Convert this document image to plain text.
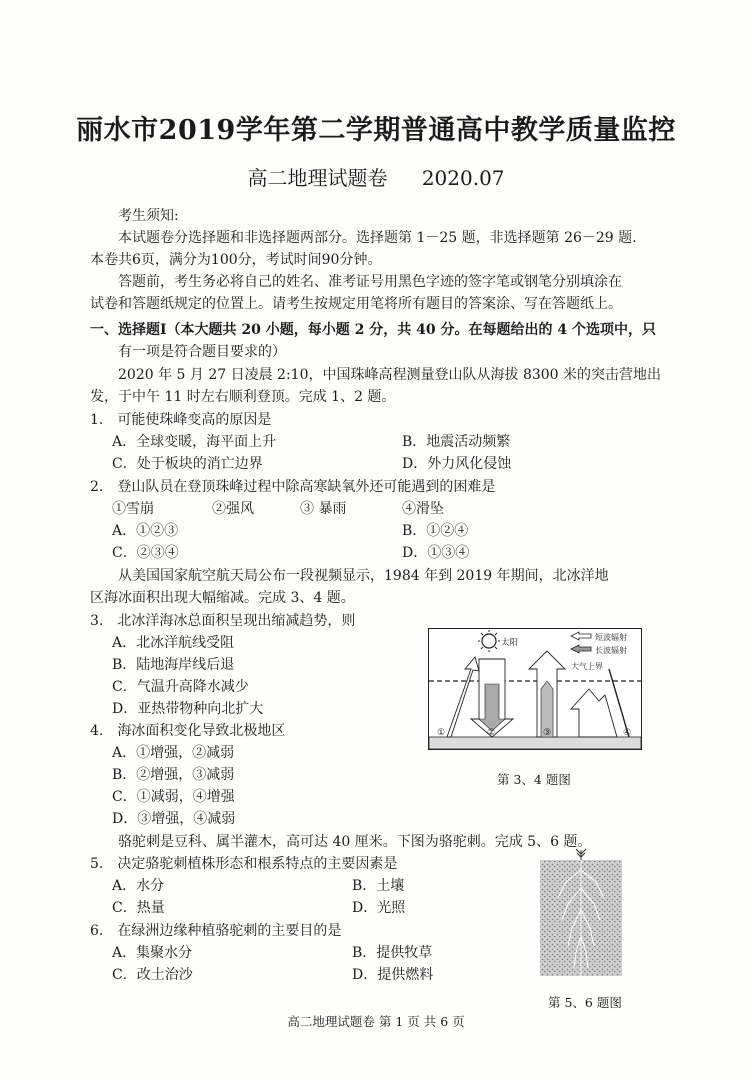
丽水市2019学年第二学期普通高中教学质量监控
高二地理试题卷 2020.07
考生须知:
本试题卷分选择题和非选择题两部分。选择题第 1－25 题，非选择题第 26－29 题.
本卷共6页，满分为100分，考试时间90分钟。
答题前，考生务必将自己的姓名、准考证号用黑色字迹的签字笔或钢笔分别填涂在
试卷和答题纸规定的位置上。请考生按规定用笔将所有题目的答案涂、写在答题纸上。
一、选择题Ⅰ（本大题共 20 小题，每小题 2 分，共 40 分。在每题给出的 4 个选项中，只
有一项是符合题目要求的）
2020 年 5 月 27 日凌晨 2:10，中国珠峰高程测量登山队从海拔 8300 米的突击营地出
发，于中午 11 时左右顺利登顶。完成 1、2 题。
1.　可能使珠峰变高的原因是
A．全球变暖，海平面上升	B．地震活动频繁
C．处于板块的消亡边界	D．外力风化侵蚀
2.　登山队员在登顶珠峰过程中除高寒缺氧外还可能遇到的困难是
①雪崩	②强风	③ 暴雨	④滑坠
A．①②③	B．①②④
C．②③④	D．①③④
从美国国家航空航天局公布一段视频显示，1984 年到 2019 年期间，北冰洋地
区海冰面积出现大幅缩减。完成 3、4 题。
3.　北冰洋海冰总面积呈现出缩减趋势，则
A．北冰洋航线受阻
B．陆地海岸线后退
C．气温升高降水减少
D．亚热带物种向北扩大
4.　海冰面积变化导致北极地区
A．①增强，②减弱
B．②增强，③减弱
C．①减弱，④增强
D．③增强，④减弱
太阳
短波辐射
长波辐射
大气上界
①	②	③	④
第 3、4 题图
骆驼刺是豆科、属半灌木，高可达 40 厘米。下图为骆驼刺。完成 5、6 题。
5.　决定骆驼刺植株形态和根系特点的主要因素是
A．水分	B．土壤
C．热量	D．光照
6.　在绿洲边缘种植骆驼刺的主要目的是
A．集聚水分	B．提供牧草
C．改土治沙	D．提供燃料
第 5、6 题图
高二地理试题卷 第 1 页 共 6 页
